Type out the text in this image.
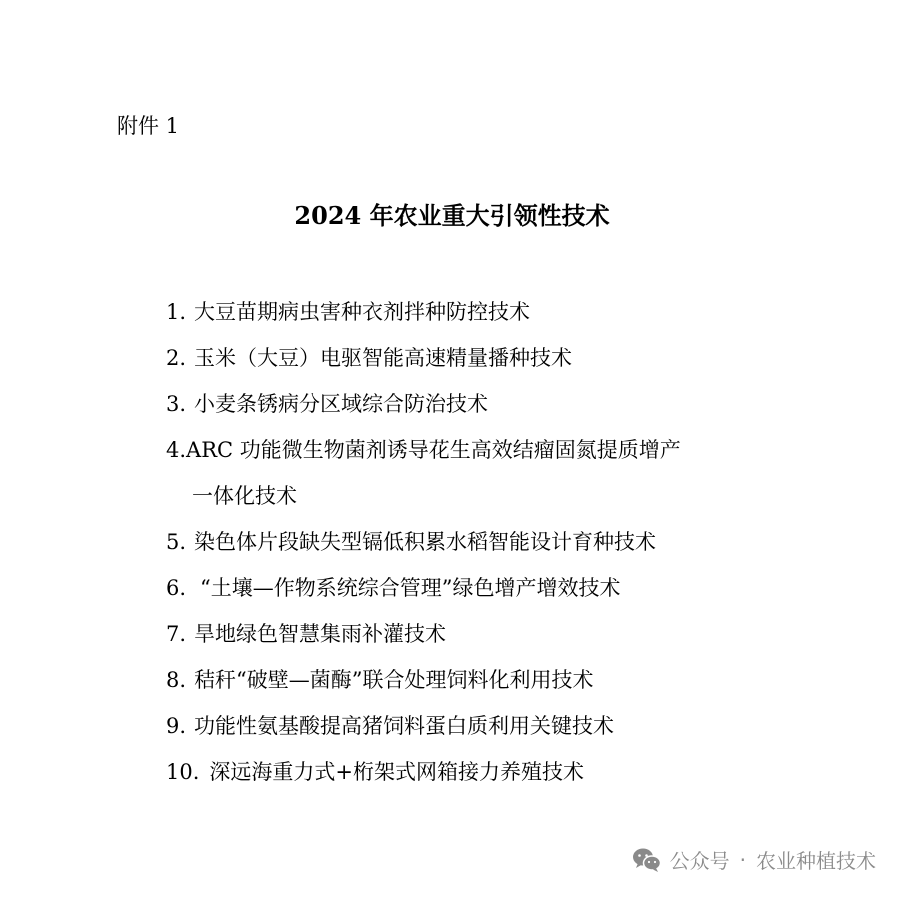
附件 1
2024 年农业重大引领性技术
1. 大豆苗期病虫害种衣剂拌种防控技术
2. 玉米（大豆）电驱智能高速精量播种技术
3. 小麦条锈病分区域综合防治技术
4.ARC 功能微生物菌剂诱导花生高效结瘤固氮提质增产
一体化技术
5. 染色体片段缺失型镉低积累水稻智能设计育种技术
6. “土壤—作物系统综合管理”绿色增产增效技术
7. 旱地绿色智慧集雨补灌技术
8. 秸秆“破壁—菌酶”联合处理饲料化利用技术
9. 功能性氨基酸提高猪饲料蛋白质利用关键技术
10. 深远海重力式+桁架式网箱接力养殖技术
公众号 · 农业种植技术
